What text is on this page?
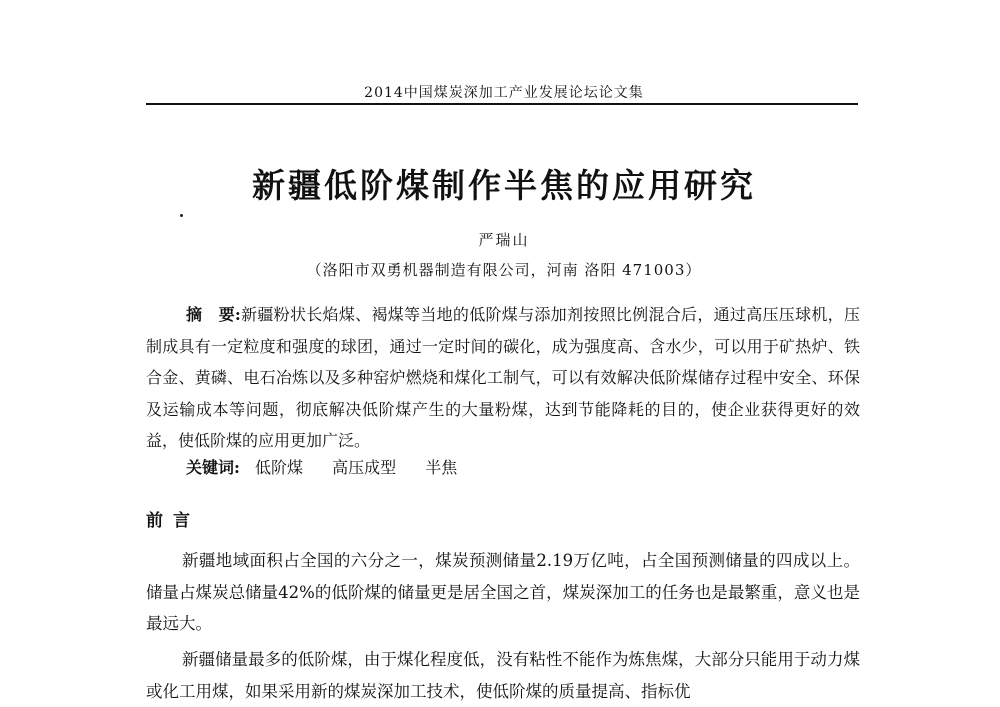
2014中国煤炭深加工产业发展论坛论文集
新疆低阶煤制作半焦的应用研究
严瑞山
（洛阳市双勇机器制造有限公司，河南 洛阳 471003）

摘　要:新疆粉状长焰煤、褐煤等当地的低阶煤与添加剂按照比例混合后，通过高压压球机，压制成具有一定粒度和强度的球团，通过一定时间的碳化，成为强度高、含水少，可以用于矿热炉、铁合金、黄磷、电石冶炼以及多种窑炉燃烧和煤化工制气，可以有效解决低阶煤储存过程中安全、环保及运输成本等问题，彻底解决低阶煤产生的大量粉煤，达到节能降耗的目的，使企业获得更好的效益，使低阶煤的应用更加广泛。

关键词: 低阶煤 高压成型 半焦
前言

新疆地域面积占全国的六分之一，煤炭预测储量2.19万亿吨，占全国预测储量的四成以上。储量占煤炭总储量42%的低阶煤的储量更是居全国之首，煤炭深加工的任务也是最繁重，意义也是最远大。

新疆储量最多的低阶煤，由于煤化程度低，没有粘性不能作为炼焦煤，大部分只能用于动力煤或化工用煤，如果采用新的煤炭深加工技术，使低阶煤的质量提高、指标优
